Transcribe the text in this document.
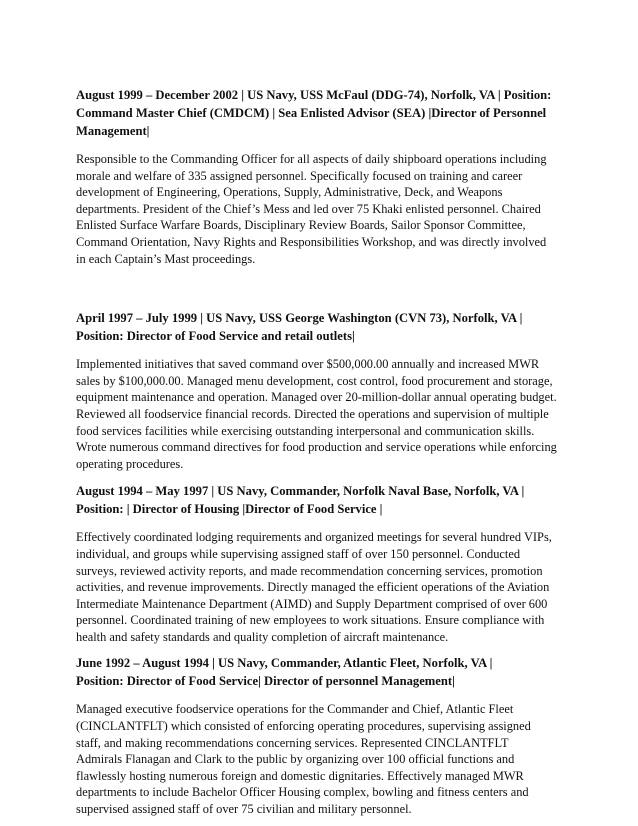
August 1999 – December 2002 | US Navy, USS McFaul (DDG-74), Norfolk, VA | Position:
Command Master Chief (CMDCM) | Sea Enlisted Advisor (SEA) |Director of Personnel
Management|
Responsible to the Commanding Officer for all aspects of daily shipboard operations including
morale and welfare of 335 assigned personnel. Specifically focused on training and career
development of Engineering, Operations, Supply, Administrative, Deck, and Weapons
departments. President of the Chief’s Mess and led over 75 Khaki enlisted personnel. Chaired
Enlisted Surface Warfare Boards, Disciplinary Review Boards, Sailor Sponsor Committee,
Command Orientation, Navy Rights and Responsibilities Workshop, and was directly involved
in each Captain’s Mast proceedings.
April 1997 – July 1999 | US Navy, USS George Washington (CVN 73), Norfolk, VA |
Position: Director of Food Service and retail outlets|
Implemented initiatives that saved command over $500,000.00 annually and increased MWR
sales by $100,000.00. Managed menu development, cost control, food procurement and storage,
equipment maintenance and operation. Managed over 20-million-dollar annual operating budget.
Reviewed all foodservice financial records. Directed the operations and supervision of multiple
food services facilities while exercising outstanding interpersonal and communication skills.
Wrote numerous command directives for food production and service operations while enforcing
operating procedures.
August 1994 – May 1997 | US Navy, Commander, Norfolk Naval Base, Norfolk, VA |
Position: | Director of Housing |Director of Food Service |
Effectively coordinated lodging requirements and organized meetings for several hundred VIPs,
individual, and groups while supervising assigned staff of over 150 personnel. Conducted
surveys, reviewed activity reports, and made recommendation concerning services, promotion
activities, and revenue improvements. Directly managed the efficient operations of the Aviation
Intermediate Maintenance Department (AIMD) and Supply Department comprised of over 600
personnel. Coordinated training of new employees to work situations. Ensure compliance with
health and safety standards and quality completion of aircraft maintenance.
June 1992 – August 1994 | US Navy, Commander, Atlantic Fleet, Norfolk, VA |
Position: Director of Food Service| Director of personnel Management|
Managed executive foodservice operations for the Commander and Chief, Atlantic Fleet
(CINCLANTFLT) which consisted of enforcing operating procedures, supervising assigned
staff, and making recommendations concerning services. Represented CINCLANTFLT
Admirals Flanagan and Clark to the public by organizing over 100 official functions and
flawlessly hosting numerous foreign and domestic dignitaries. Effectively managed MWR
departments to include Bachelor Officer Housing complex, bowling and fitness centers and
supervised assigned staff of over 75 civilian and military personnel.
